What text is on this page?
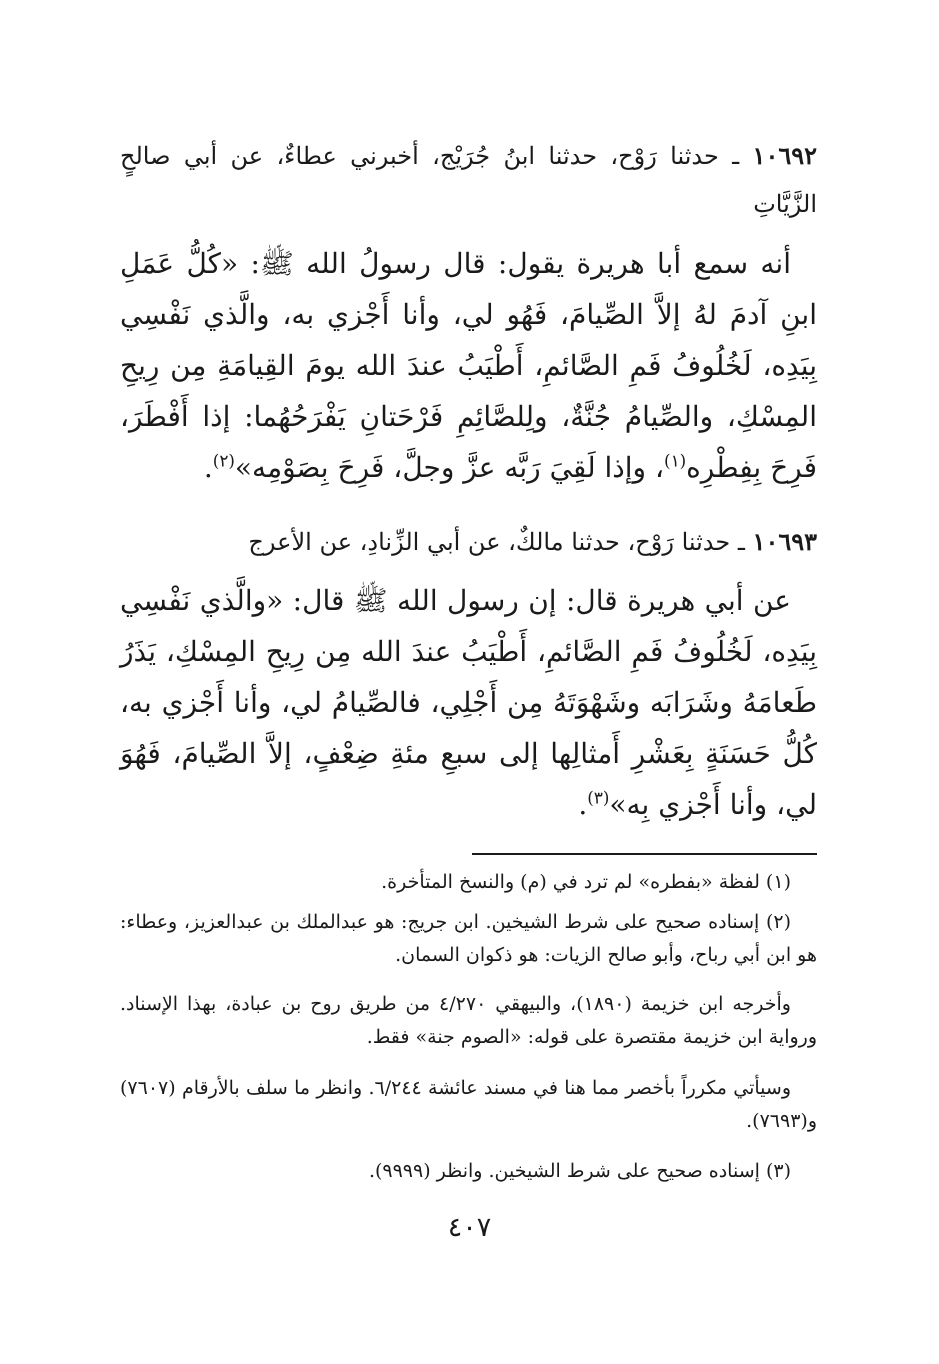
١٠٦٩٢ ـ حدثنا رَوْح، حدثنا ابنُ جُرَيْج، أخبرني عطاءٌ، عن أبي صالحٍ الزَّيَّاتِ

أنه سمع أبا هريرة يقول: قال رسولُ الله ﷺ: «كُلُّ عَمَلِ ابنِ آدمَ لهُ إلاَّ الصِّيامَ، فَهُو لي، وأنا أَجْزي به، والَّذي نَفْسِي بِيَدِه، لَخُلُوفُ فَمِ الصَّائمِ، أَطْيَبُ عندَ الله يومَ القِيامَةِ مِن رِيحِ المِسْكِ، والصِّيامُ جُنَّةٌ، ولِلصَّائِمِ فَرْحَتانِ يَفْرَحُهُما: إذا أَفْطَرَ، فَرِحَ بِفِطْرِه$^{(١)}$، وإذا لَقِيَ رَبَّه عزَّ وجلَّ، فَرِحَ بِصَوْمِه»$^{(٢)}$.

١٠٦٩٣ ـ حدثنا رَوْح، حدثنا مالكٌ، عن أبي الزِّنادِ، عن الأعرج

عن أبي هريرة قال: إن رسول الله ﷺ قال: «والَّذي نَفْسِي بِيَدِه، لَخُلُوفُ فَمِ الصَّائمِ، أَطْيَبُ عندَ الله مِن رِيحِ المِسْكِ، يَذَرُ طَعامَهُ وشَرَابَه وشَهْوَتَهُ مِن أَجْلِي، فالصِّيامُ لي، وأنا أَجْزي به، كُلُّ حَسَنَةٍ بِعَشْرِ أَمثالِها إلى سبعِ مئةِ ضِعْفٍ، إلاَّ الصِّيامَ، فَهُوَ لي، وأنا أَجْزي بِه»$^{(٣)}$.

(١) لفظة «بفطره» لم ترد في (م) والنسخ المتأخرة.

(٢) إسناده صحيح على شرط الشيخين. ابن جريج: هو عبدالملك بن عبدالعزيز، وعطاء: هو ابن أبي رباح، وأبو صالح الزيات: هو ذكوان السمان.

وأخرجه ابن خزيمة (١٨٩٠)، والبيهقي ٤/٢٧٠ من طريق روح بن عبادة، بهذا الإسناد. ورواية ابن خزيمة مقتصرة على قوله: «الصوم جنة» فقط.

وسيأتي مكرراً بأخصر مما هنا في مسند عائشة ٦/٢٤٤. وانظر ما سلف بالأرقام (٧٦٠٧) و(٧٦٩٣).

(٣) إسناده صحيح على شرط الشيخين. وانظر (٩٩٩٩).

٤٠٧
